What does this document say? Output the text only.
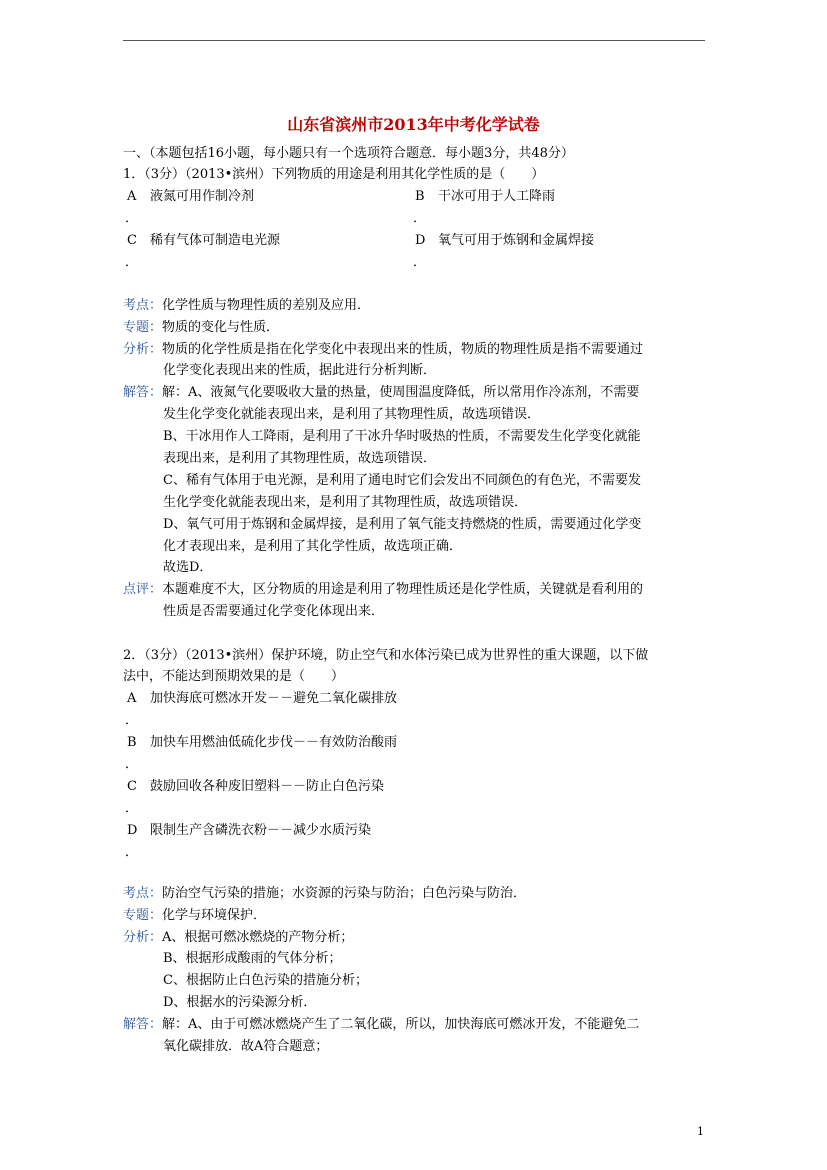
山东省滨州市2013年中考化学试卷
一、（本题包括16小题，每小题只有一个选项符合题意．每小题3分，共48分）
1．（3分）（2013•滨州）下列物质的用途是利用其化学性质的是（　　）
A
．
液氮可用作制冷剂	B
．
干冰可用于人工降雨
C
．
稀有气体可制造电光源	D
．
氧气可用于炼钢和金属焊接
考点：化学性质与物理性质的差别及应用．
专题：物质的变化与性质．
分析：物质的化学性质是指在化学变化中表现出来的性质，物质的物理性质是指不需要通过
化学变化表现出来的性质，据此进行分析判断．
解答：解：A、液氮气化要吸收大量的热量，使周围温度降低，所以常用作冷冻剂，不需要
发生化学变化就能表现出来，是利用了其物理性质，故选项错误．
B、干冰用作人工降雨，是利用了干冰升华时吸热的性质，不需要发生化学变化就能
表现出来，是利用了其物理性质，故选项错误．
C、稀有气体用于电光源，是利用了通电时它们会发出不同颜色的有色光，不需要发
生化学变化就能表现出来，是利用了其物理性质，故选项错误．
D、氧气可用于炼钢和金属焊接，是利用了氧气能支持燃烧的性质，需要通过化学变
化才表现出来，是利用了其化学性质，故选项正确．
故选D．
点评：本题难度不大，区分物质的用途是利用了物理性质还是化学性质，关键就是看利用的
性质是否需要通过化学变化体现出来．
2．（3分）（2013•滨州）保护环境，防止空气和水体污染已成为世界性的重大课题，以下做
法中，不能达到预期效果的是（　　）
A
．
加快海底可燃冰开发－－避免二氧化碳排放
B
．
加快车用燃油低硫化步伐－－有效防治酸雨
C
．
鼓励回收各种废旧塑料－－防止白色污染
D
．
限制生产含磷洗衣粉－－减少水质污染
考点：防治空气污染的措施；水资源的污染与防治；白色污染与防治．
专题：化学与环境保护．
分析：A、根据可燃冰燃烧的产物分析；
B、根据形成酸雨的气体分析；
C、根据防止白色污染的措施分析；
D、根据水的污染源分析．
解答：解：A、由于可燃冰燃烧产生了二氧化碳，所以，加快海底可燃冰开发，不能避免二
氧化碳排放．故A符合题意；
1
